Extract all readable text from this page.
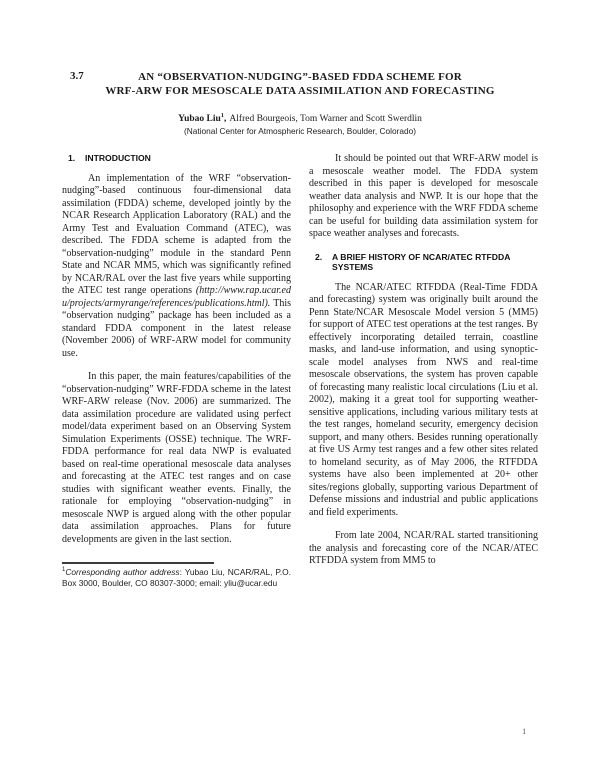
3.7	AN “OBSERVATION-NUDGING”-BASED FDDA SCHEME FOR
WRF-ARW FOR MESOSCALE DATA ASSIMILATION AND FORECASTING
Yubao Liu$^1$, Alfred Bourgeois, Tom Warner and Scott Swerdlin
(National Center for Atmospheric Research, Boulder, Colorado)
1.	INTRODUCTION

An implementation of the WRF “observation-nudging”-based continuous four-dimensional data assimilation (FDDA) scheme, developed jointly by the NCAR Research Application Laboratory (RAL) and the Army Test and Evaluation Command (ATEC), was described. The FDDA scheme is adapted from the “observation-nudging” module in the standard Penn State and NCAR MM5, which was significantly refined by NCAR/RAL over the last five years while supporting the ATEC test range operations (http://www.rap.ucar.edu/projects/armyrange/references/publications.html). This “observation nudging” package has been included as a standard FDDA component in the latest release (November 2006) of WRF-ARW model for community use.

In this paper, the main features/capabilities of the “observation-nudging” WRF-FDDA scheme in the latest WRF-ARW release (Nov. 2006) are summarized. The data assimilation procedure are validated using perfect model/data experiment based on an Observing System Simulation Experiments (OSSE) technique. The WRF-FDDA performance for real data NWP is evaluated based on real-time operational mesoscale data analyses and forecasting at the ATEC test ranges and on case studies with significant weather events. Finally, the rationale for employing “observation-nudging” in mesoscale NWP is argued along with the other popular data assimilation approaches. Plans for future developments are given in the last section.

$^1$Corresponding author address: Yubao Liu, NCAR/RAL, P.O. Box 3000, Boulder, CO 80307-3000; email: yliu@ucar.edu

It should be pointed out that WRF-ARW model is a mesoscale weather model. The FDDA system described in this paper is developed for mesoscale weather data analysis and NWP. It is our hope that the philosophy and experience with the WRF FDDA scheme can be useful for building data assimilation system for space weather analyses and forecasts.

2.	A BRIEF HISTORY OF NCAR/ATEC RTFDDA SYSTEMS

The NCAR/ATEC RTFDDA (Real-Time FDDA and forecasting) system was originally built around the Penn State/NCAR Mesoscale Model version 5 (MM5) for support of ATEC test operations at the test ranges. By effectively incorporating detailed terrain, coastline masks, and land-use information, and using synoptic-scale model analyses from NWS and real-time mesoscale observations, the system has proven capable of forecasting many realistic local circulations (Liu et al. 2002), making it a great tool for supporting weather-sensitive applications, including various military tests at the test ranges, homeland security, emergency decision support, and many others. Besides running operationally at five US Army test ranges and a few other sites related to homeland security, as of May 2006, the RTFDDA systems have also been implemented at 20+ other sites/regions globally, supporting various Department of Defense missions and industrial and public applications and field experiments.

From late 2004, NCAR/RAL started transitioning the analysis and forecasting core of the NCAR/ATEC RTFDDA system from MM5 to

1
